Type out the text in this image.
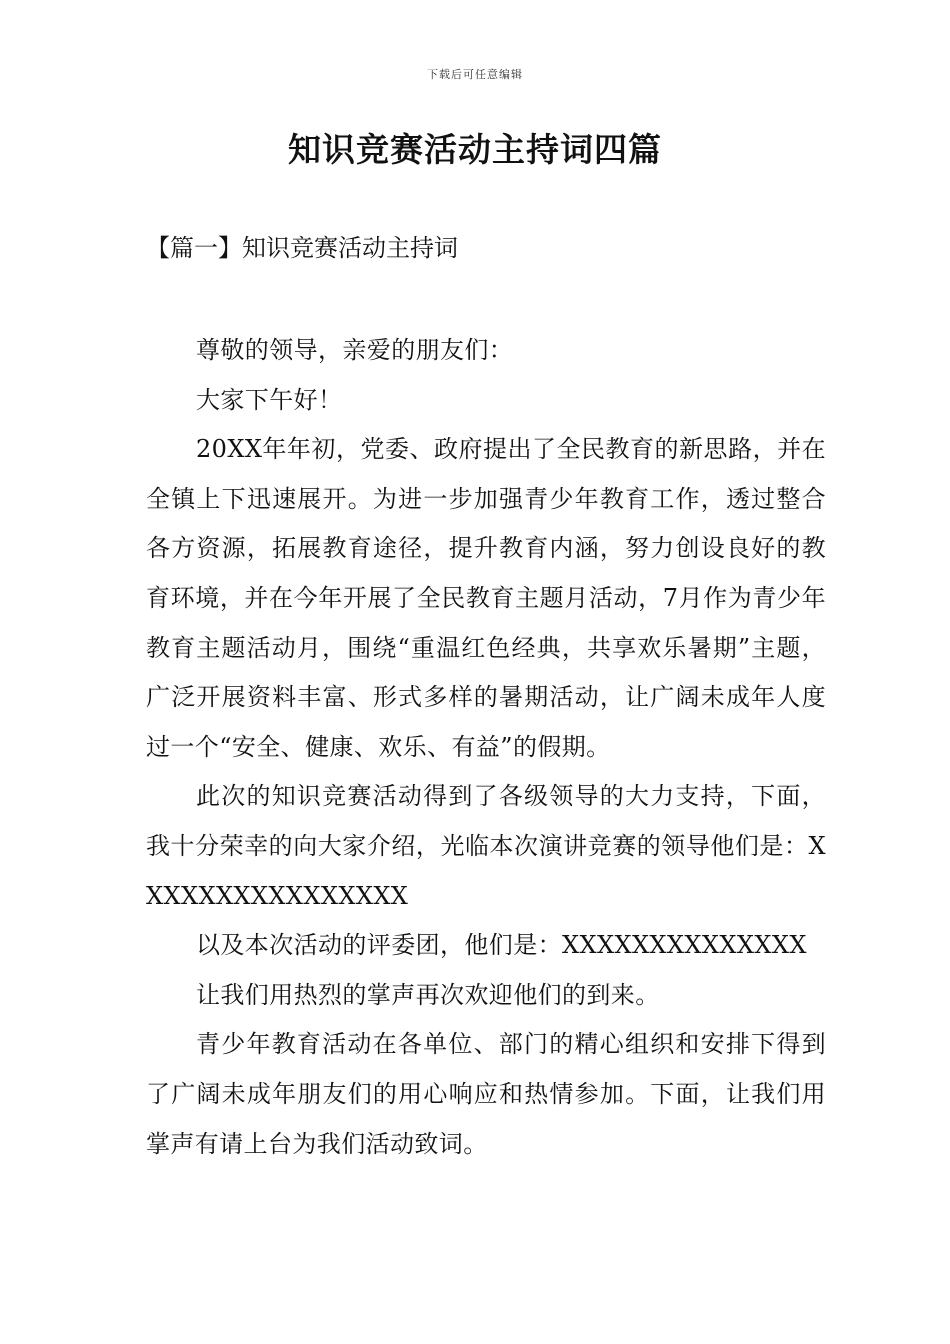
下载后可任意编辑
知识竞赛活动主持词四篇
【篇一】知识竞赛活动主持词

尊敬的领导，亲爱的朋友们：

大家下午好！

20XX年年初，党委、政府提出了全民教育的新思路，并在全镇上下迅速展开。为进一步加强青少年教育工作，透过整合各方资源，拓展教育途径，提升教育内涵，努力创设良好的教育环境，并在今年开展了全民教育主题月活动，7月作为青少年教育主题活动月，围绕“重温红色经典，共享欢乐暑期”主题，广泛开展资料丰富、形式多样的暑期活动，让广阔未成年人度过一个“安全、健康、欢乐、有益”的假期。

此次的知识竞赛活动得到了各级领导的大力支持，下面，我十分荣幸的向大家介绍，光临本次演讲竞赛的领导他们是：XXXXXXXXXXXXXXXX

以及本次活动的评委团，他们是：XXXXXXXXXXXXXX

让我们用热烈的掌声再次欢迎他们的到来。

青少年教育活动在各单位、部门的精心组织和安排下得到了广阔未成年朋友们的用心响应和热情参加。下面，让我们用掌声有请上台为我们活动致词。
